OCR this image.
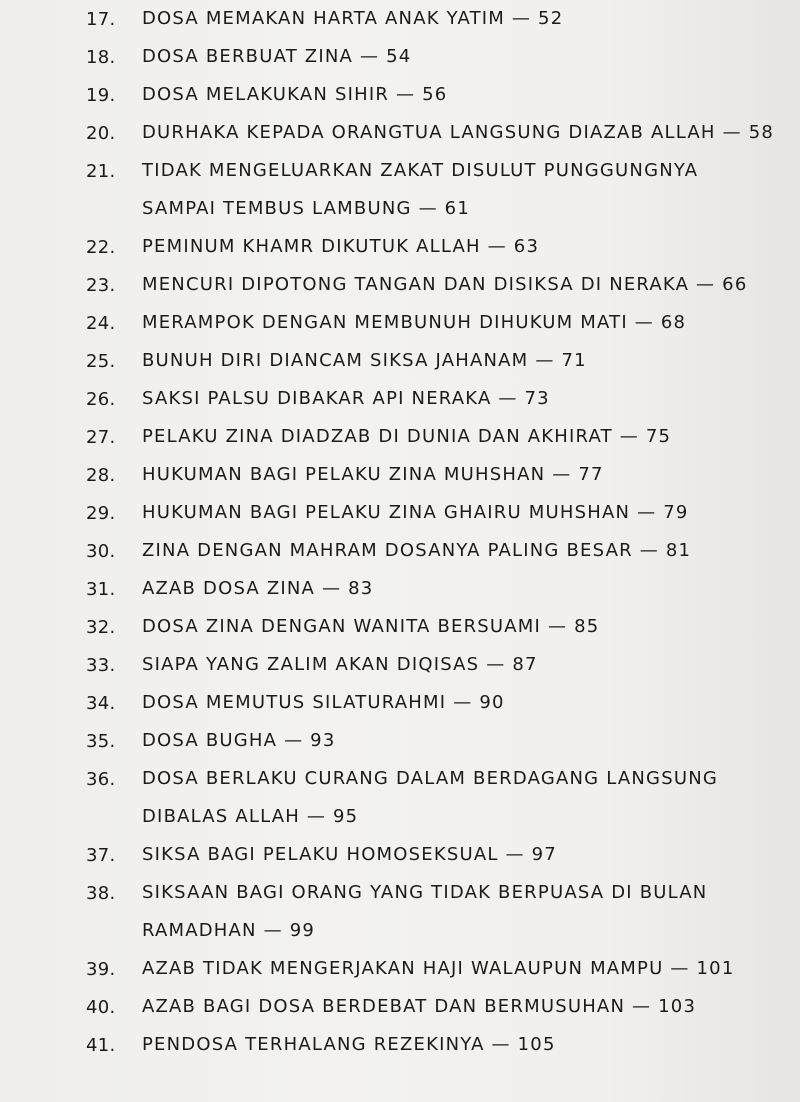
17.	DOSA MEMAKAN HARTA ANAK YATIM — 52
18.	DOSA BERBUAT ZINA — 54
19.	DOSA MELAKUKAN SIHIR — 56
20.	DURHAKA KEPADA ORANGTUA LANGSUNG DIAZAB ALLAH — 58
21.	TIDAK MENGELUARKAN ZAKAT DISULUT PUNGGUNGNYA
SAMPAI TEMBUS LAMBUNG — 61
22.	PEMINUM KHAMR DIKUTUK ALLAH — 63
23.	MENCURI DIPOTONG TANGAN DAN DISIKSA DI NERAKA — 66
24.	MERAMPOK DENGAN MEMBUNUH DIHUKUM MATI — 68
25.	BUNUH DIRI DIANCAM SIKSA JAHANAM — 71
26.	SAKSI PALSU DIBAKAR API NERAKA — 73
27.	PELAKU ZINA DIADZAB DI DUNIA DAN AKHIRAT — 75
28.	HUKUMAN BAGI PELAKU ZINA MUHSHAN — 77
29.	HUKUMAN BAGI PELAKU ZINA GHAIRU MUHSHAN — 79
30.	ZINA DENGAN MAHRAM DOSANYA PALING BESAR — 81
31.	AZAB DOSA ZINA — 83
32.	DOSA ZINA DENGAN WANITA BERSUAMI — 85
33.	SIAPA YANG ZALIM AKAN DIQISAS — 87
34.	DOSA MEMUTUS SILATURAHMI — 90
35.	DOSA BUGHA — 93
36.	DOSA BERLAKU CURANG DALAM BERDAGANG LANGSUNG
DIBALAS ALLAH — 95
37.	SIKSA BAGI PELAKU HOMOSEKSUAL — 97
38.	SIKSAAN BAGI ORANG YANG TIDAK BERPUASA DI BULAN
RAMADHAN — 99
39.	AZAB TIDAK MENGERJAKAN HAJI WALAUPUN MAMPU — 101
40.	AZAB BAGI DOSA BERDEBAT DAN BERMUSUHAN — 103
41.	PENDOSA TERHALANG REZEKINYA — 105
